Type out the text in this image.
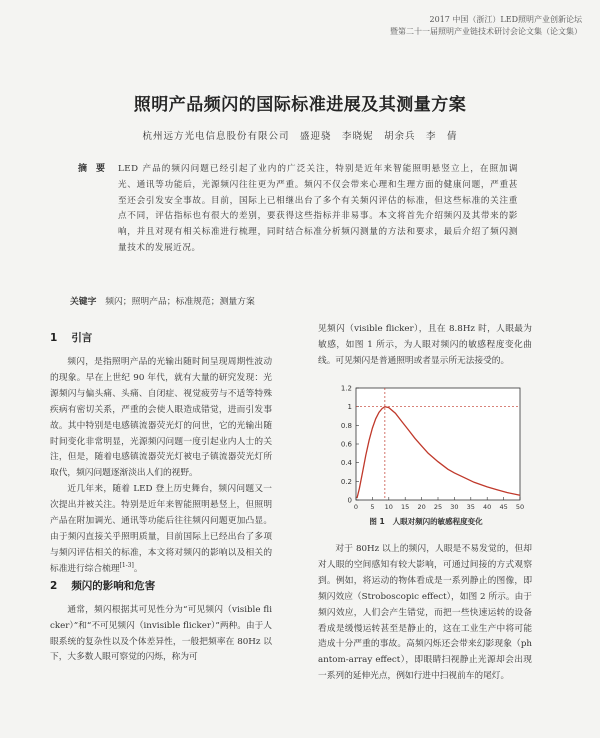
2017 中国（浙江）LED照明产业创新论坛
暨第二十一届照明产业链技术研讨会论文集（论文集）
照明产品频闪的国际标准进展及其测量方案
杭州远方光电信息股份有限公司　盛迎骁　李晓妮　胡余兵　李　倩
摘　要 LED 产品的频闪问题已经引起了业内的广泛关注，特别是近年来智能照明悬竖立上，在照加调光、通讯等功能后，光源频闪往往更为严重。频闪不仅会带来心理和生理方面的健康问题，严重甚至还会引发安全事故。目前，国际上已相继出台了多个有关频闪评估的标准，但这些标准的关注重点不同，评估指标也有很大的差别，要获得这些指标并非易事。本文将首先介绍频闪及其带来的影响，并且对现有相关标准进行梳理，同时结合标准分析频闪测量的方法和要求，最后介绍了频闪测量技术的发展近况。
关键字 频闪；照明产品；标准规范；测量方案
1 引言

频闪，是指照明产品的光输出随时间呈现周期性波动的现象。早在上世纪 90 年代，就有大量的研究发现：光源频闪与偏头痛、头痛、自闭症、视觉疲劳与不适等特殊疾病有密切关系，严重的会使人眼造成错觉，进而引发事故。其中特别是电感镇流器荧光灯的问世，它的光输出随时间变化非常明显，光源频闪问题一度引起业内人士的关注，但是，随着电感镇流器荧光灯被电子镇流器荧光灯所取代，频闪问题逐渐淡出人们的视野。

近几年来，随着 LED 登上历史舞台，频闪问题又一次提出并被关注。特别是近年来智能照明悬竖上，但照明产品在附加调光、通讯等功能后往往频闪问题更加凸显。由于频闪直接关乎照明质量，目前国际上已经出台了多项与频闪评估相关的标准，本文将对频闪的影响以及相关的标准进行综合梳理[1-3]。

2 频闪的影响和危害

通常，频闪根据其可见性分为“可见频闪（visible flicker）”和“不可见频闪（invisible flicker）”两种。由于人眼系统的复杂性以及个体差异性，一般把频率在 80Hz 以下，大多数人眼可察觉的闪烁，称为可

见频闪（visible flicker），且在 8.8Hz 时，人眼最为敏感，如图 1 所示，为人眼对频闪的敏感程度变化曲线。可见频闪是普通照明或者显示所无法接受的。

对于 80Hz 以上的频闪，人眼是不易发觉的，但却对人眼的空间感知有较大影响，可通过间接的方式观察到。例如，将运动的物体看成是一系列静止的图像，即频闪效应（Stroboscopic effect），如图 2 所示。由于频闪效应，人们会产生错觉，而把一些快速运转的设备看成是缓慢运转甚至是静止的，这在工业生产中将可能造成十分严重的事故。高频闪烁还会带来幻影现象（phantom-array effect），即眼睛扫视静止光源却会出现一系列的延伸光点，例如行进中扫视前车的尾灯。

0
0.2
0.4
0.6
0.8
1
1.2
0 5 10 15 20 25 30 35 40 45 50
图 1 人眼对频闪的敏感程度变化
